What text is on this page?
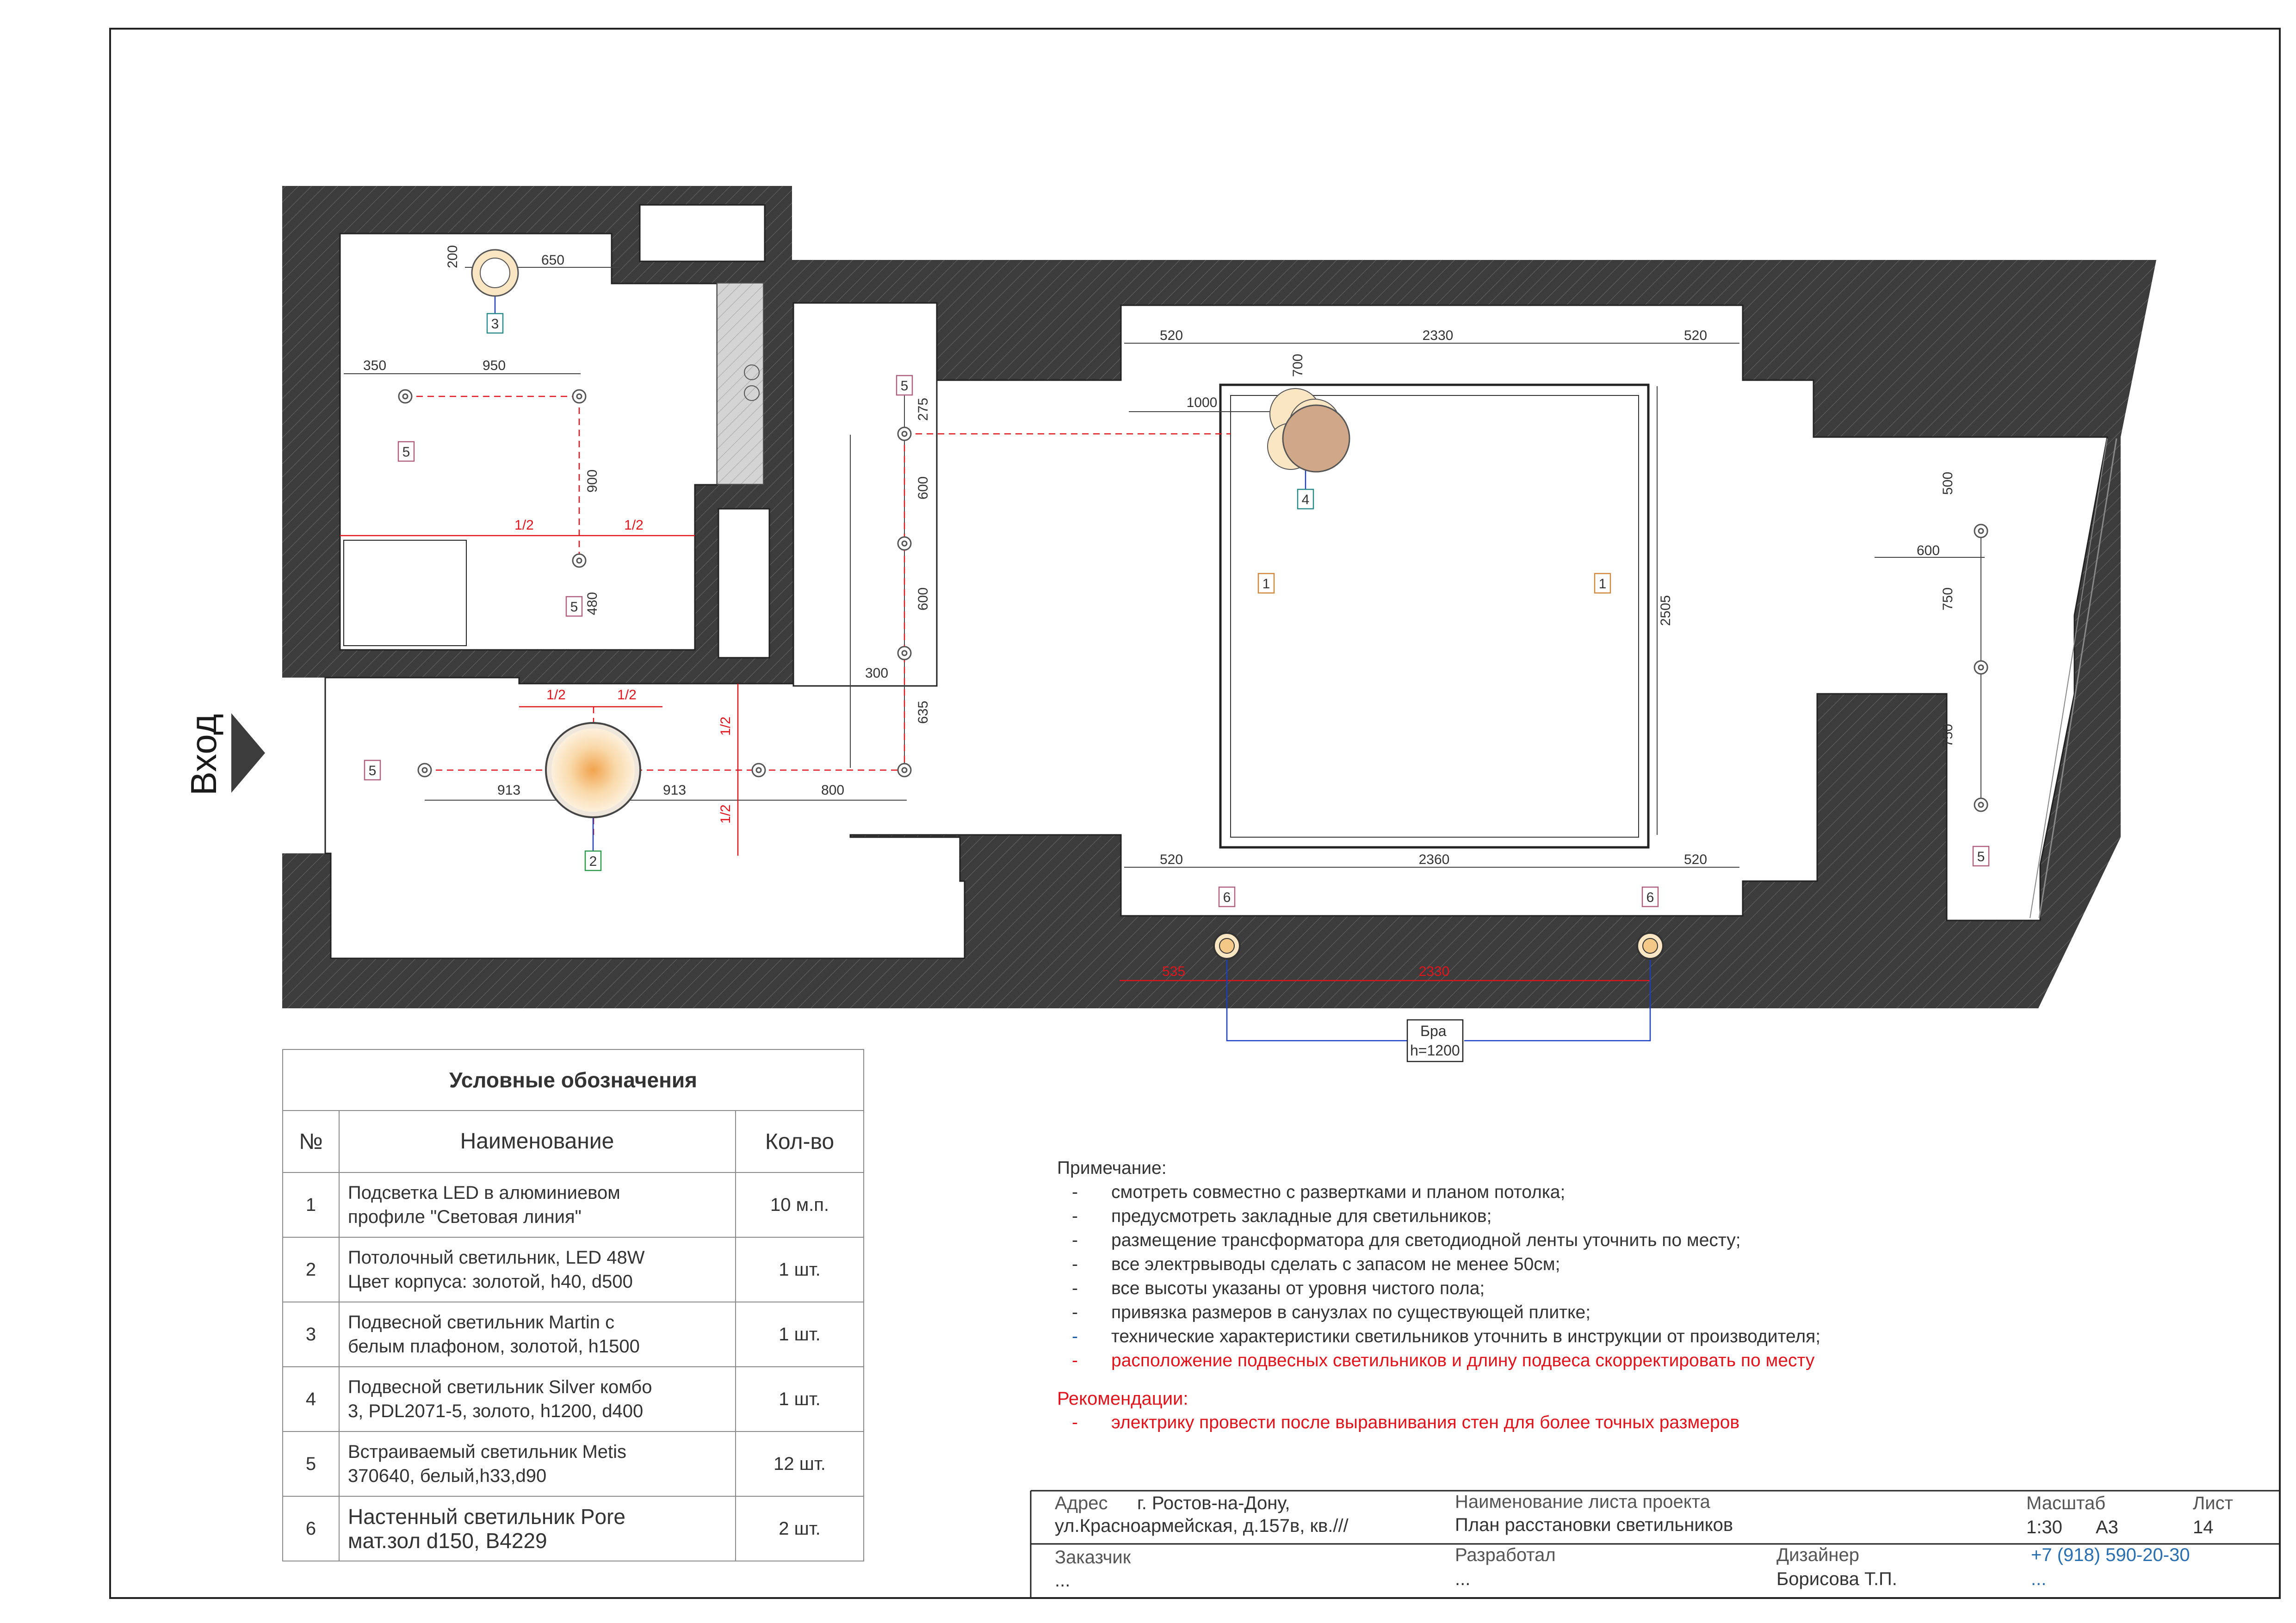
3
5
5
5
5
4
1	1
2
6	6
5
Бра
h=1200
200	650
350	950
900
480
1000
700
520	2330	520
275
600
600
635
300
913	913	800
2505
520	2360	520
500
600
750
750
1/2	1/2
1/2	1/2
1/2
1/2
535	2330
Вход
Условные обозначения		
№	Наименование	Кол-во
1	Подсветка LED в алюминиевом
профиле "Световая линия"	10 м.п.
2	Потолочный светильник, LED 48W
Цвет корпуса: золотой, h40, d500	1 шт.
3	Подвесной светильник Martin с
белым плафоном, золотой, h1500	1 шт.
4	Подвесной светильник Silver комбо
3, PDL2071-5, золото, h1200, d400	1 шт.
5	Встраиваемый светильник Metis
370640, белый,h33,d90	12 шт.
6	Настенный светильник Pore
мат.зол d150, B4229	2 шт.
Примечание:
-	смотреть совместно с развертками и планом потолка;
-	предусмотреть закладные для светильников;
-	размещение трансформатора для светодиодной ленты уточнить по месту;
-	все электрвыводы сделать с запасом не менее 50см;
-	все высоты указаны от уровня чистого пола;
-	привязка размеров в санузлах по существующей плитке;
-	технические характеристики светильников уточнить в инструкции от производителя;
-	расположение подвесных светильников и длину подвеса скорректировать по месту
Рекомендации:
-	электрику провести после выравнивания стен для более точных размеров
Адрес г. Ростов-на-Дону,
ул.Красноармейская, д.157в, кв.///
Наименование листа проекта
План расстановки светильников
Масштаб
1:30 А3
Лист
14
Заказчик
...
Разработал
...
Дизайнер
Борисова Т.П.
+7 (918) 590-20-30
...
